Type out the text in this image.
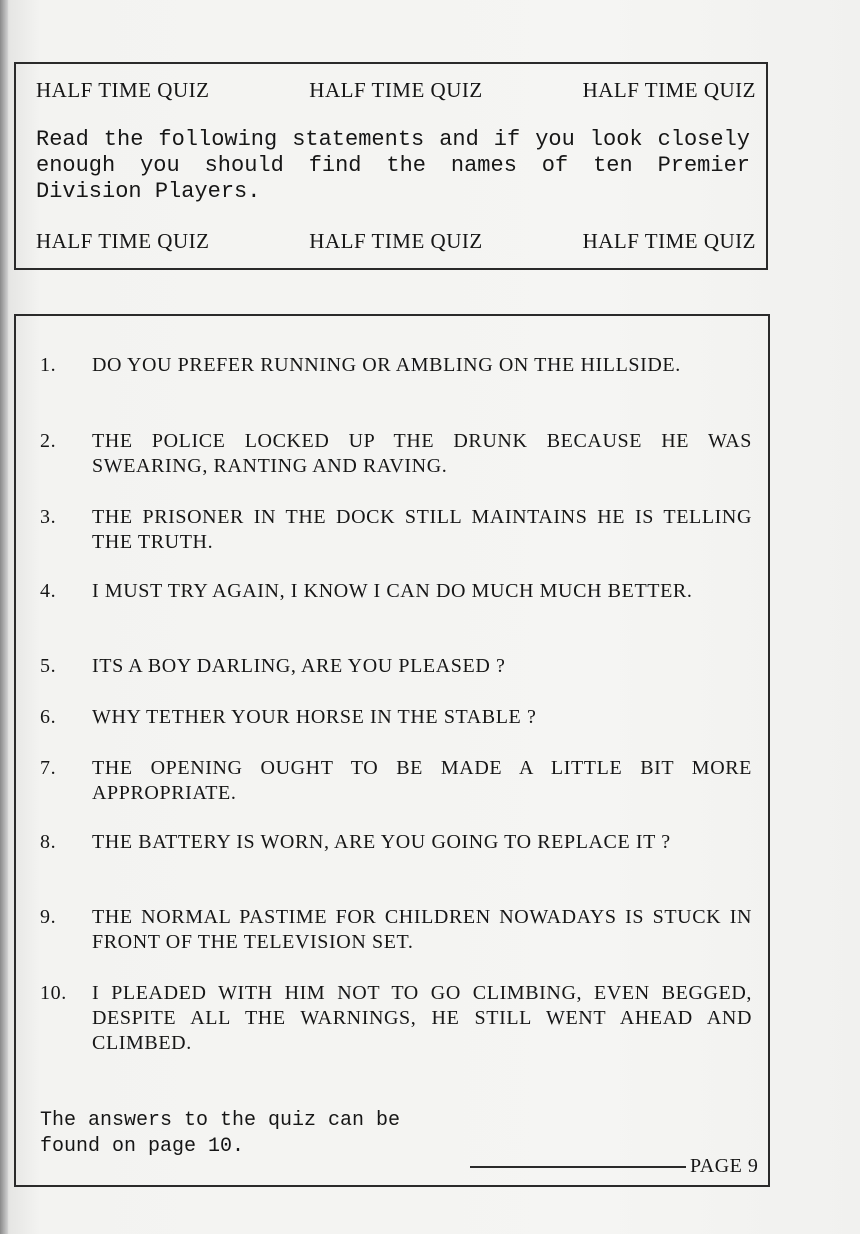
HALF TIME QUIZ	HALF TIME QUIZ	HALF TIME QUIZ
Read the following statements and if you look closely enough you should find the names of ten Premier Division Players.
HALF TIME QUIZ	HALF TIME QUIZ	HALF TIME QUIZ
1.	DO YOU PREFER RUNNING OR AMBLING ON THE HILLSIDE.
2.	THE POLICE LOCKED UP THE DRUNK BECAUSE HE WAS SWEARING, RANTING AND RAVING.
3.	THE PRISONER IN THE DOCK STILL MAINTAINS HE IS TELLING THE TRUTH.
4.	I MUST TRY AGAIN, I KNOW I CAN DO MUCH MUCH BETTER.
5.	ITS A BOY DARLING, ARE YOU PLEASED ?
6.	WHY TETHER YOUR HORSE IN THE STABLE ?
7.	THE OPENING OUGHT TO BE MADE A LITTLE BIT MORE APPROPRIATE.
8.	THE BATTERY IS WORN, ARE YOU GOING TO REPLACE IT ?
9.	THE NORMAL PASTIME FOR CHILDREN NOWADAYS IS STUCK IN FRONT OF THE TELEVISION SET.
10.	I PLEADED WITH HIM NOT TO GO CLIMBING, EVEN BEGGED, DESPITE ALL THE WARNINGS, HE STILL WENT AHEAD AND CLIMBED.
The answers to the quiz can be found on page 10.
PAGE 9
